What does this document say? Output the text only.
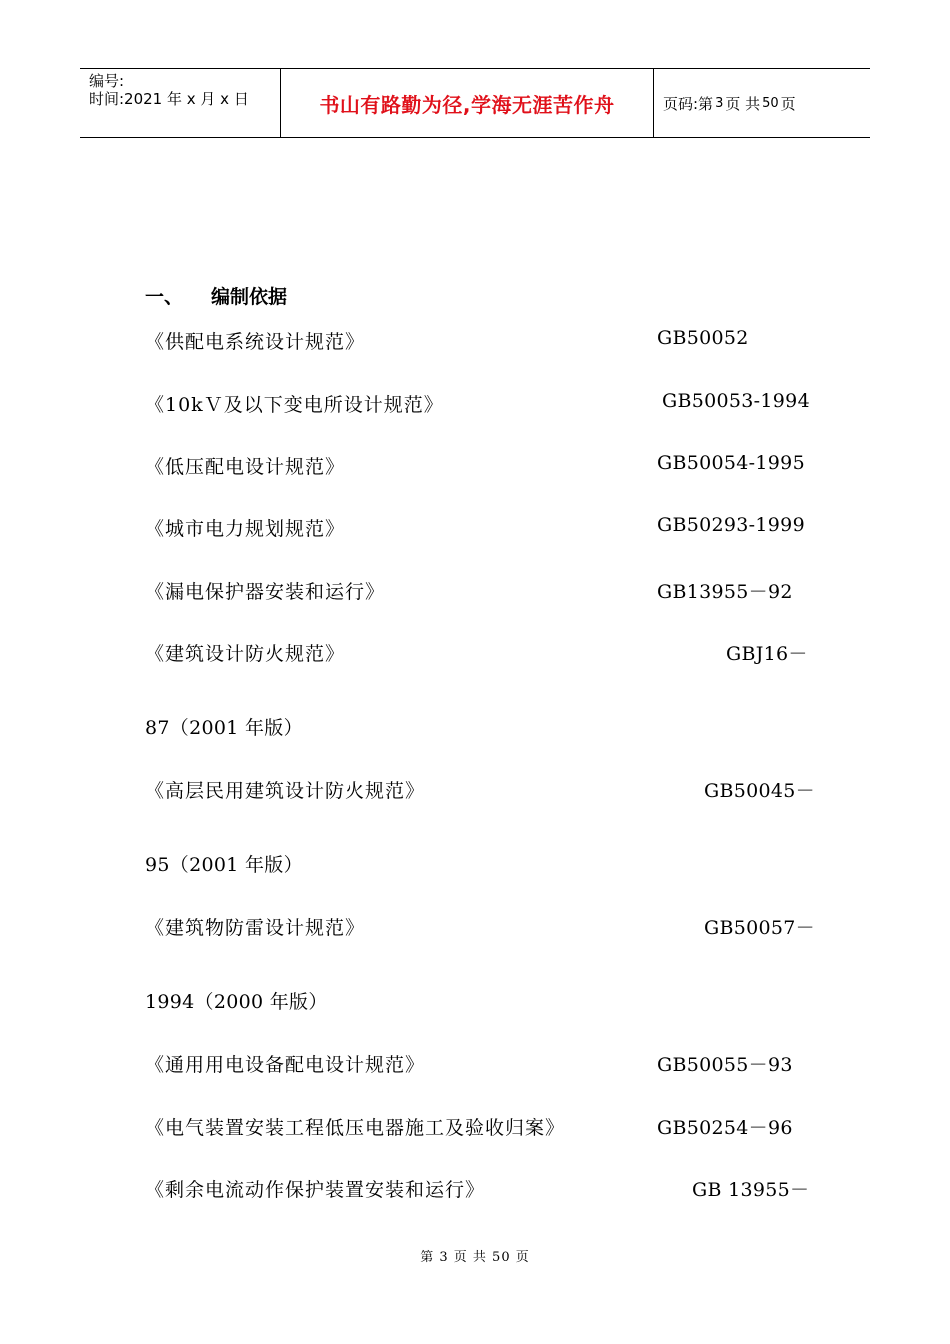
编号:
时间:2021 年 x 月 x 日	书山有路勤为径,学海无涯苦作舟	页码:第 3 页 共 50 页
一、 编制依据
《供配电系统设计规范》	GB50052
《10kＶ及以下变电所设计规范》	GB50053-1994
《低压配电设计规范》	GB50054-1995
《城市电力规划规范》	GB50293-1999
《漏电保护器安装和运行》	GB13955－92
《建筑设计防火规范》	GBJ16－
87（2001 年版）
《高层民用建筑设计防火规范》	GB50045－
95（2001 年版）
《建筑物防雷设计规范》	GB50057－
1994（2000 年版）
《通用用电设备配电设计规范》	GB50055－93
《电气装置安装工程低压电器施工及验收归案》	GB50254－96
《剩余电流动作保护装置安装和运行》	GB 13955－
第 3 页 共 50 页
